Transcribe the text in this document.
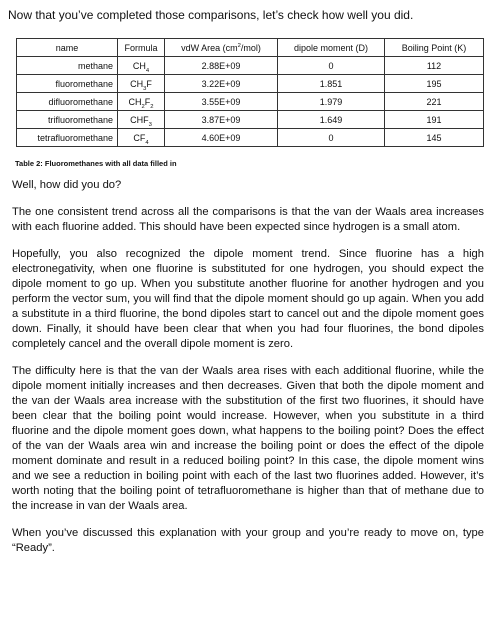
Now that you’ve completed those comparisons, let’s check how well you did.
name	Formula	vdW Area $(cm^2/mol)$	dipole moment (D)	Boiling Point (K)
methane	$CH_4$	2.88E+09	0	112
fluoromethane	$CH_3F$	3.22E+09	1.851	195
difluoromethane	$CH_2F_2$	3.55E+09	1.979	221
trifluoromethane	$CHF_3$	3.87E+09	1.649	191
tetrafluoromethane	$CF_4$	4.60E+09	0	145
Table 2: Fluoromethanes with all data filled in

Well, how did you do?

The one consistent trend across all the comparisons is that the van der Waals area increases with each fluorine added. This should have been expected since hydrogen is a small atom.

Hopefully, you also recognized the dipole moment trend. Since fluorine has a high electronegativity, when one fluorine is substituted for one hydrogen, you should expect the dipole moment to go up. When you substitute another fluorine for another hydrogen and you perform the vector sum, you will find that the dipole moment should go up again. When you add a substitute in a third fluorine, the bond dipoles start to cancel out and the dipole moment goes down. Finally, it should have been clear that when you had four fluorines, the bond dipoles completely cancel and the overall dipole moment is zero.

The difficulty here is that the van der Waals area rises with each additional fluorine, while the dipole moment initially increases and then decreases. Given that both the dipole moment and the van der Waals area increase with the substitution of the first two fluorines, it should have been clear that the boiling point would increase. However, when you substitute in a third fluorine and the dipole moment goes down, what happens to the boiling point? Does the effect of the van der Waals area win and increase the boiling point or does the effect of the dipole moment dominate and result in a reduced boiling point? In this case, the dipole moment wins and we see a reduction in boiling point with each of the last two fluorines added. However, it’s worth noting that the boiling point of tetrafluoromethane is higher than that of methane due to the increase in van der Waals area.

When you’ve discussed this explanation with your group and you’re ready to move on, type “Ready”.
